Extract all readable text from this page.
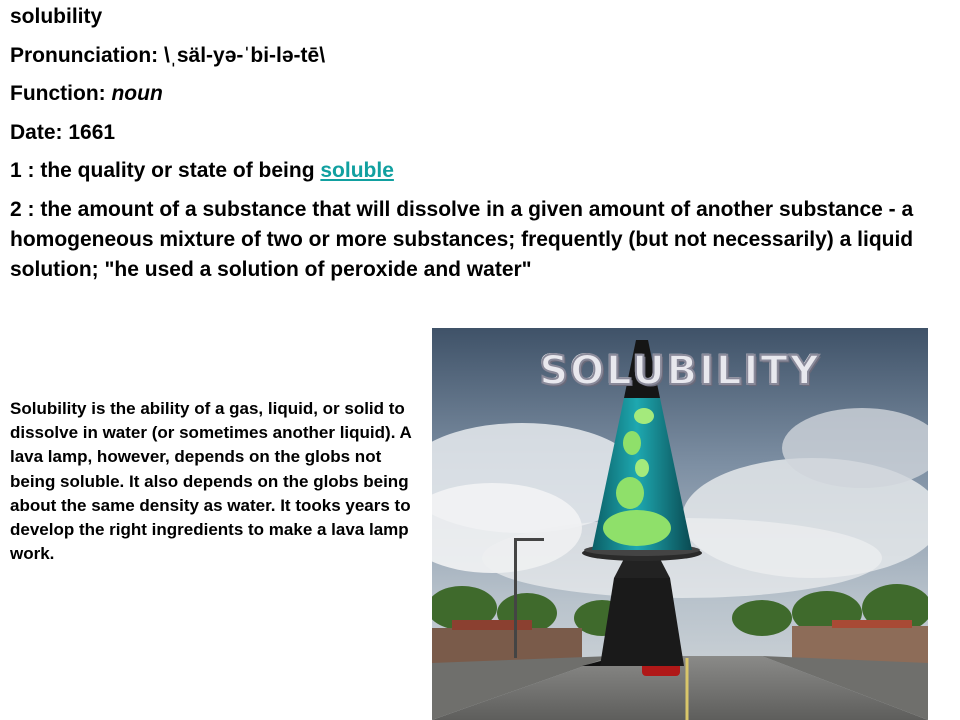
solubility
Pronunciation: \ˌsäl-yə-ˈbi-lə-tē\
Function: noun
Date: 1661
1 : the quality or state of being soluble
2 : the amount of a substance that will dissolve in a given amount of another substance - a homogeneous mixture of two or more substances; frequently (but not necessarily) a liquid solution; "he used a solution of peroxide and water"
Solubility is the ability of a gas, liquid, or solid to dissolve in water (or sometimes another liquid). A lava lamp, however, depends on the globs not being soluble. It also depends on the globs being about the same density as water. It tooks years to develop the right ingredients to make a lava lamp work.
SOLUBILITY
